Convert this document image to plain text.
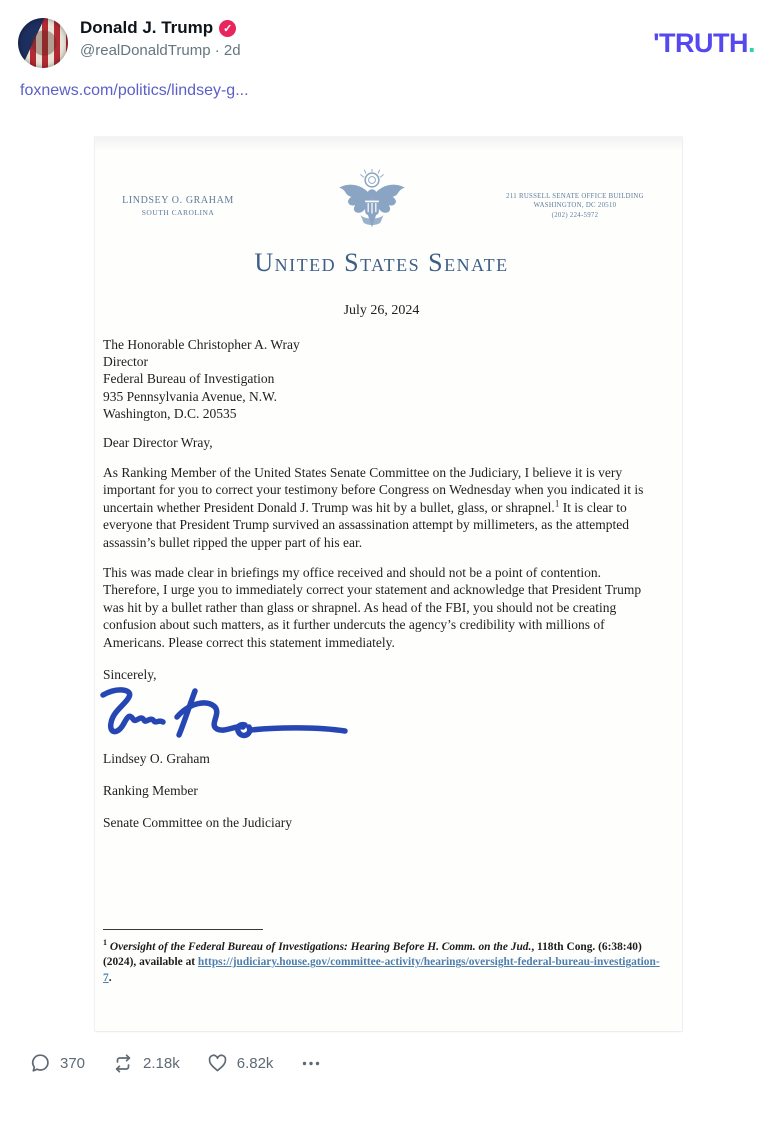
Donald J. Trump ✓
@realDonaldTrump · 2d	'TRUTH.
foxnews.com/politics/lindsey-g...
LINDSEY O. GRAHAM
SOUTH CAROLINA
211 RUSSELL SENATE OFFICE BUILDING
WASHINGTON, DC 20510
(202) 224-5972
United States Senate
July 26, 2024
The Honorable Christopher A. Wray
Director
Federal Bureau of Investigation
935 Pennsylvania Avenue, N.W.
Washington, D.C. 20535
Dear Director Wray,

As Ranking Member of the United States Senate Committee on the Judiciary, I believe it is very important for you to correct your testimony before Congress on Wednesday when you indicated it is uncertain whether President Donald J. Trump was hit by a bullet, glass, or shrapnel.$^1$ It is clear to everyone that President Trump survived an assassination attempt by millimeters, as the attempted assassin’s bullet ripped the upper part of his ear.

This was made clear in briefings my office received and should not be a point of contention. Therefore, I urge you to immediately correct your statement and acknowledge that President Trump was hit by a bullet rather than glass or shrapnel. As head of the FBI, you should not be creating confusion about such matters, as it further undercuts the agency’s credibility with millions of Americans. Please correct this statement immediately.

Sincerely,
Lindsey O. Graham
Ranking Member
Senate Committee on the Judiciary
$^1$ Oversight of the Federal Bureau of Investigations: Hearing Before H. Comm. on the Jud., 118th Cong. (6:38:40) (2024), available at https://judiciary.house.gov/committee-activity/hearings/oversight-federal-bureau-investigation-7.
370	2.18k	6.82k
